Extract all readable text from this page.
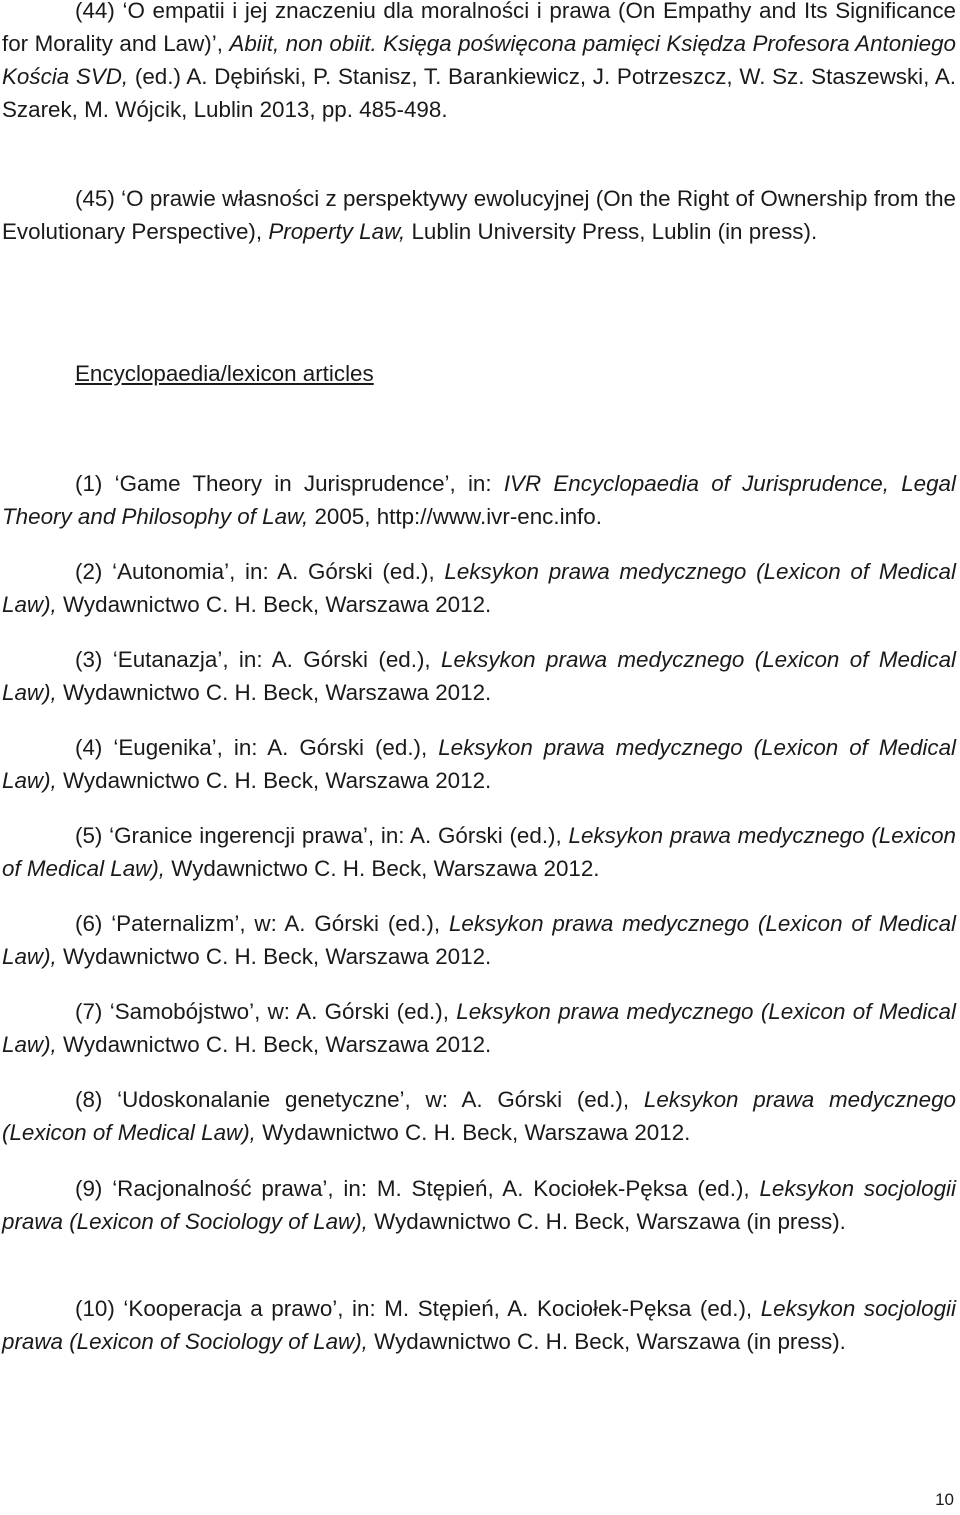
(44) ‘O empatii i jej znaczeniu dla moralności i prawa (On Empathy and Its Significance for Morality and Law)’, Abiit, non obiit. Księga poświęcona pamięci Księdza Profesora Antoniego Kościa SVD, (ed.) A. Dębiński, P. Stanisz, T. Barankiewicz, J. Potrzeszcz, W. Sz. Staszewski, A. Szarek, M. Wójcik, Lublin 2013, pp. 485-498.

(45) ‘O prawie własności z perspektywy ewolucyjnej (On the Right of Ownership from the Evolutionary Perspective), Property Law, Lublin University Press, Lublin (in press).

Encyclopaedia/lexicon articles

(1) ‘Game Theory in Jurisprudence’, in: IVR Encyclopaedia of Jurisprudence, Legal Theory and Philosophy of Law, 2005, http://www.ivr-enc.info.

(2) ‘Autonomia’, in: A. Górski (ed.), Leksykon prawa medycznego (Lexicon of Medical Law), Wydawnictwo C. H. Beck, Warszawa 2012.

(3) ‘Eutanazja’, in: A. Górski (ed.), Leksykon prawa medycznego (Lexicon of Medical Law), Wydawnictwo C. H. Beck, Warszawa 2012.

(4) ‘Eugenika’, in: A. Górski (ed.), Leksykon prawa medycznego (Lexicon of Medical Law), Wydawnictwo C. H. Beck, Warszawa 2012.

(5) ‘Granice ingerencji prawa’, in: A. Górski (ed.), Leksykon prawa medycznego (Lexicon of Medical Law), Wydawnictwo C. H. Beck, Warszawa 2012.

(6) ‘Paternalizm’, w: A. Górski (ed.), Leksykon prawa medycznego (Lexicon of Medical Law), Wydawnictwo C. H. Beck, Warszawa 2012.

(7) ‘Samobójstwo’, w: A. Górski (ed.), Leksykon prawa medycznego (Lexicon of Medical Law), Wydawnictwo C. H. Beck, Warszawa 2012.

(8) ‘Udoskonalanie genetyczne’, w: A. Górski (ed.), Leksykon prawa medycznego (Lexicon of Medical Law), Wydawnictwo C. H. Beck, Warszawa 2012.

(9) ‘Racjonalność prawa’, in: M. Stępień, A. Kociołek-Pęksa (ed.), Leksykon socjologii prawa (Lexicon of Sociology of Law), Wydawnictwo C. H. Beck, Warszawa (in press).

(10) ‘Kooperacja a prawo’, in: M. Stępień, A. Kociołek-Pęksa (ed.), Leksykon socjologii prawa (Lexicon of Sociology of Law), Wydawnictwo C. H. Beck, Warszawa (in press).

10
